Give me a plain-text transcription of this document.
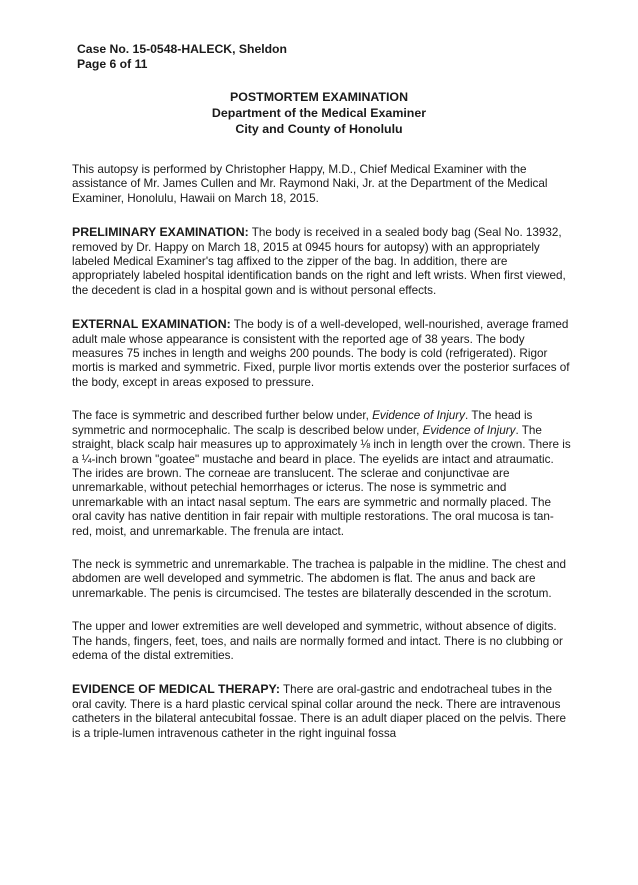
Case No. 15-0548-HALECK, Sheldon
Page 6 of 11
POSTMORTEM EXAMINATION
Department of the Medical Examiner
City and County of Honolulu

This autopsy is performed by Christopher Happy, M.D., Chief Medical Examiner with the assistance of Mr. James Cullen and Mr. Raymond Naki, Jr. at the Department of the Medical Examiner, Honolulu, Hawaii on March 18, 2015.

PRELIMINARY EXAMINATION: The body is received in a sealed body bag (Seal No. 13932, removed by Dr. Happy on March 18, 2015 at 0945 hours for autopsy) with an appropriately labeled Medical Examiner's tag affixed to the zipper of the bag. In addition, there are appropriately labeled hospital identification bands on the right and left wrists. When first viewed, the decedent is clad in a hospital gown and is without personal effects.

EXTERNAL EXAMINATION: The body is of a well-developed, well-nourished, average framed adult male whose appearance is consistent with the reported age of 38 years. The body measures 75 inches in length and weighs 200 pounds. The body is cold (refrigerated). Rigor mortis is marked and symmetric. Fixed, purple livor mortis extends over the posterior surfaces of the body, except in areas exposed to pressure.

The face is symmetric and described further below under, Evidence of Injury. The head is symmetric and normocephalic. The scalp is described below under, Evidence of Injury. The straight, black scalp hair measures up to approximately ⅛ inch in length over the crown. There is a ¼-inch brown "goatee" mustache and beard in place. The eyelids are intact and atraumatic. The irides are brown. The corneae are translucent. The sclerae and conjunctivae are unremarkable, without petechial hemorrhages or icterus. The nose is symmetric and unremarkable with an intact nasal septum. The ears are symmetric and normally placed. The oral cavity has native dentition in fair repair with multiple restorations. The oral mucosa is tan-red, moist, and unremarkable. The frenula are intact.

The neck is symmetric and unremarkable. The trachea is palpable in the midline. The chest and abdomen are well developed and symmetric. The abdomen is flat. The anus and back are unremarkable. The penis is circumcised. The testes are bilaterally descended in the scrotum.

The upper and lower extremities are well developed and symmetric, without absence of digits. The hands, fingers, feet, toes, and nails are normally formed and intact. There is no clubbing or edema of the distal extremities.

EVIDENCE OF MEDICAL THERAPY: There are oral-gastric and endotracheal tubes in the oral cavity. There is a hard plastic cervical spinal collar around the neck. There are intravenous catheters in the bilateral antecubital fossae. There is an adult diaper placed on the pelvis. There is a triple-lumen intravenous catheter in the right inguinal fossa
